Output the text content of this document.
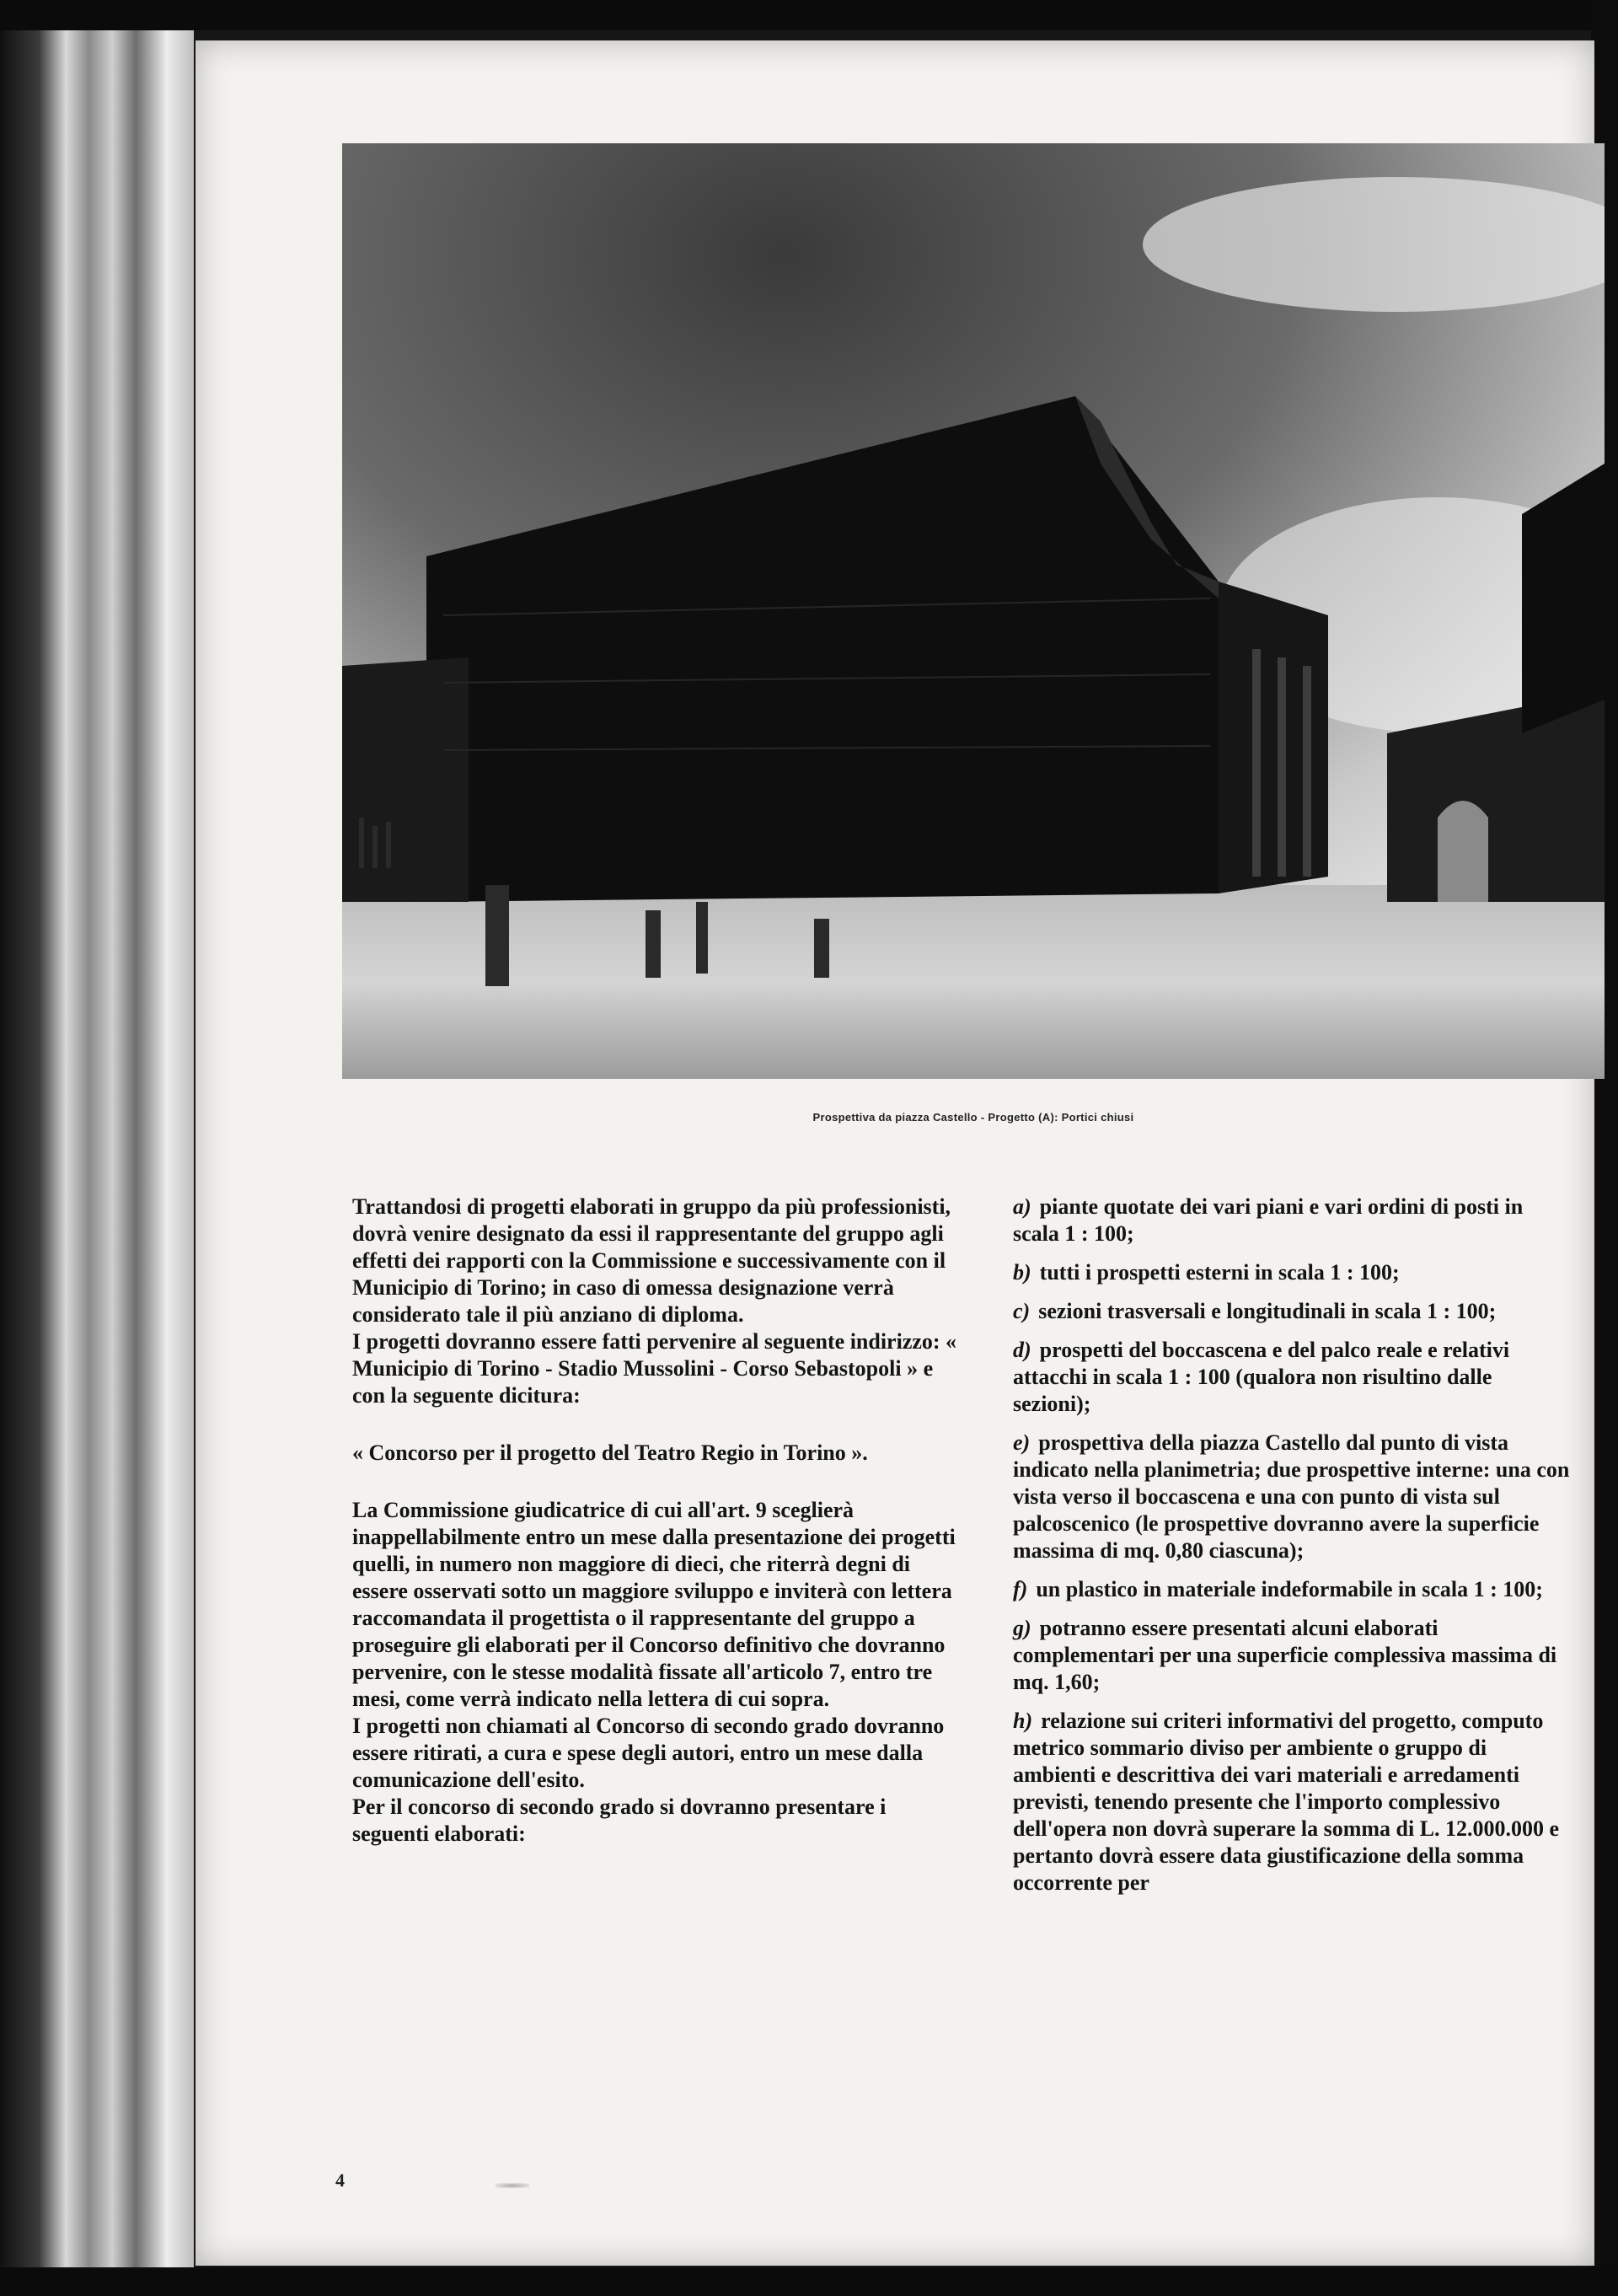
Prospettiva da piazza Castello - Progetto (A): Portici chiusi

Trattandosi di progetti elaborati in gruppo da più professionisti, dovrà venire designato da essi il rappresentante del gruppo agli effetti dei rapporti con la Commissione e successivamente con il Municipio di Torino; in caso di omessa designazione verrà considerato tale il più anziano di diploma.

I progetti dovranno essere fatti pervenire al seguente indirizzo: « Municipio di Torino - Stadio Mussolini - Corso Sebastopoli » e con la seguente dicitura:

« Concorso per il progetto del Teatro Regio in Torino ».

La Commissione giudicatrice di cui all'art. 9 sceglierà inappellabilmente entro un mese dalla presentazione dei progetti quelli, in numero non maggiore di dieci, che riterrà degni di essere osservati sotto un maggiore sviluppo e inviterà con lettera raccomandata il progettista o il rappresentante del gruppo a proseguire gli elaborati per il Concorso definitivo che dovranno pervenire, con le stesse modalità fissate all'articolo 7, entro tre mesi, come verrà indicato nella lettera di cui sopra.

I progetti non chiamati al Concorso di secondo grado dovranno essere ritirati, a cura e spese degli autori, entro un mese dalla comunicazione dell'esito.

Per il concorso di secondo grado si dovranno presentare i seguenti elaborati:

a) piante quotate dei vari piani e vari ordini di posti in scala 1 : 100;

b) tutti i prospetti esterni in scala 1 : 100;

c) sezioni trasversali e longitudinali in scala 1 : 100;

d) prospetti del boccascena e del palco reale e relativi attacchi in scala 1 : 100 (qualora non risultino dalle sezioni);

e) prospettiva della piazza Castello dal punto di vista indicato nella planimetria; due prospettive interne: una con vista verso il boccascena e una con punto di vista sul palcoscenico (le prospettive dovranno avere la superficie massima di mq. 0,80 ciascuna);

f) un plastico in materiale indeformabile in scala 1 : 100;

g) potranno essere presentati alcuni elaborati complementari per una superficie complessiva massima di mq. 1,60;

h) relazione sui criteri informativi del progetto, computo metrico sommario diviso per ambiente o gruppo di ambienti e descrittiva dei vari materiali e arredamenti previsti, tenendo presente che l'importo complessivo dell'opera non dovrà superare la somma di L. 12.000.000 e pertanto dovrà essere data giustificazione della somma occorrente per

4
